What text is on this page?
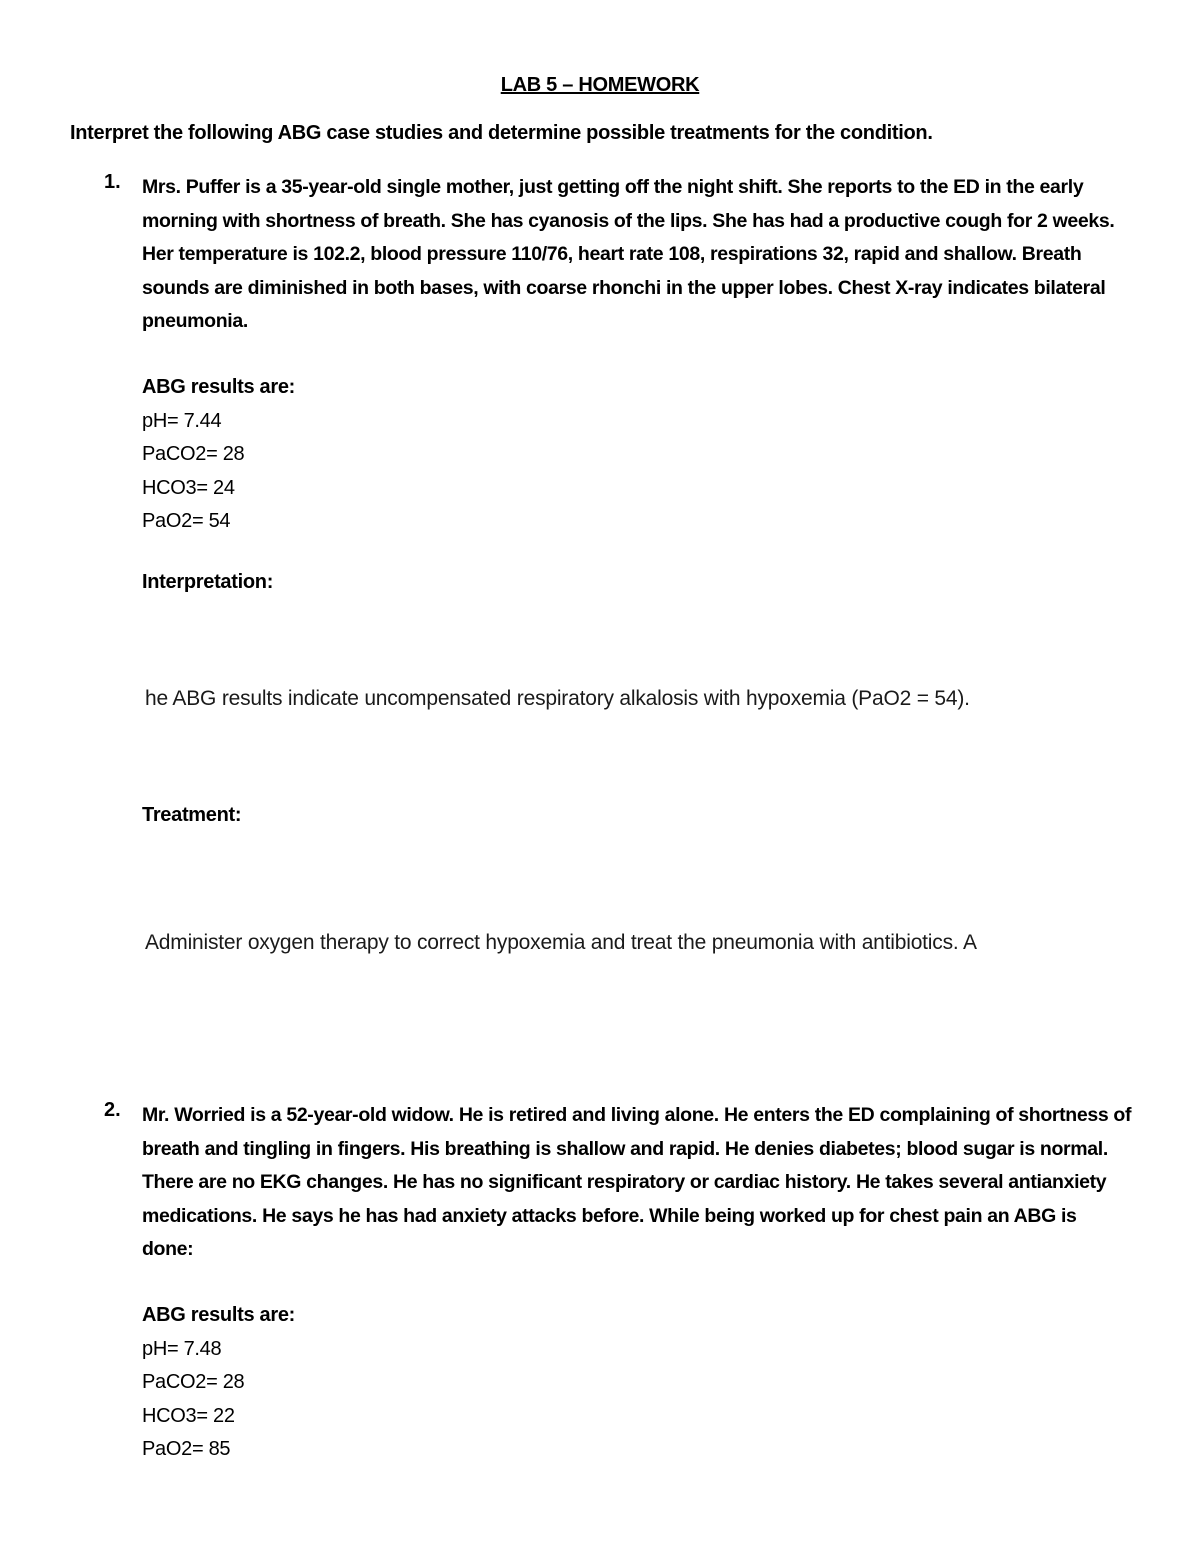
LAB 5 – HOMEWORK
Interpret the following ABG case studies and determine possible treatments for the condition.
1. Mrs. Puffer is a 35-year-old single mother, just getting off the night shift. She reports to the ED in the early morning with shortness of breath. She has cyanosis of the lips. She has had a productive cough for 2 weeks. Her temperature is 102.2, blood pressure 110/76, heart rate 108, respirations 32, rapid and shallow. Breath sounds are diminished in both bases, with coarse rhonchi in the upper lobes. Chest X-ray indicates bilateral pneumonia.
ABG results are:
pH= 7.44
PaCO2= 28
HCO3= 24
PaO2= 54
Interpretation:
he ABG results indicate uncompensated respiratory alkalosis with hypoxemia (PaO2 = 54).
Treatment:
Administer oxygen therapy to correct hypoxemia and treat the pneumonia with antibiotics. A
2. Mr. Worried is a 52-year-old widow. He is retired and living alone. He enters the ED complaining of shortness of breath and tingling in fingers. His breathing is shallow and rapid. He denies diabetes; blood sugar is normal. There are no EKG changes. He has no significant respiratory or cardiac history. He takes several antianxiety medications. He says he has had anxiety attacks before. While being worked up for chest pain an ABG is done:
ABG results are:
pH= 7.48
PaCO2= 28
HCO3= 22
PaO2= 85
